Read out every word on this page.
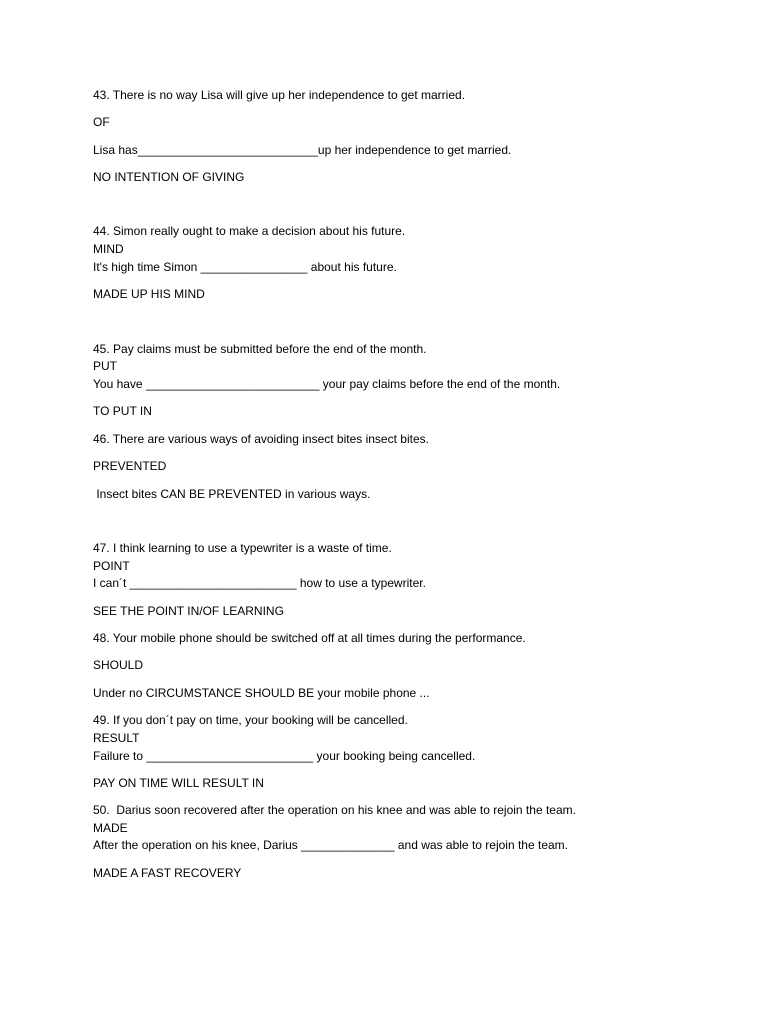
43. There is no way Lisa will give up her independence to get married.
OF
Lisa has___________________________up her independence to get married.
NO INTENTION OF GIVING
44. Simon really ought to make a decision about his future.
MIND
It's high time Simon ________________ about his future.
MADE UP HIS MIND
45. Pay claims must be submitted before the end of the month.
PUT
You have __________________________ your pay claims before the end of the month.
TO PUT IN
46. There are various ways of avoiding insect bites insect bites.
PREVENTED
Insect bites CAN BE PREVENTED in various ways.
47. I think learning to use a typewriter is a waste of time.
POINT
I can´t _________________________ how to use a typewriter.
SEE THE POINT IN/OF LEARNING
48. Your mobile phone should be switched off at all times during the performance.
SHOULD
Under no CIRCUMSTANCE SHOULD BE your mobile phone ...
49. If you don´t pay on time, your booking will be cancelled.
RESULT
Failure to _________________________ your booking being cancelled.
PAY ON TIME WILL RESULT IN
50.  Darius soon recovered after the operation on his knee and was able to rejoin the team.
MADE
After the operation on his knee, Darius ______________ and was able to rejoin the team.
MADE A FAST RECOVERY
